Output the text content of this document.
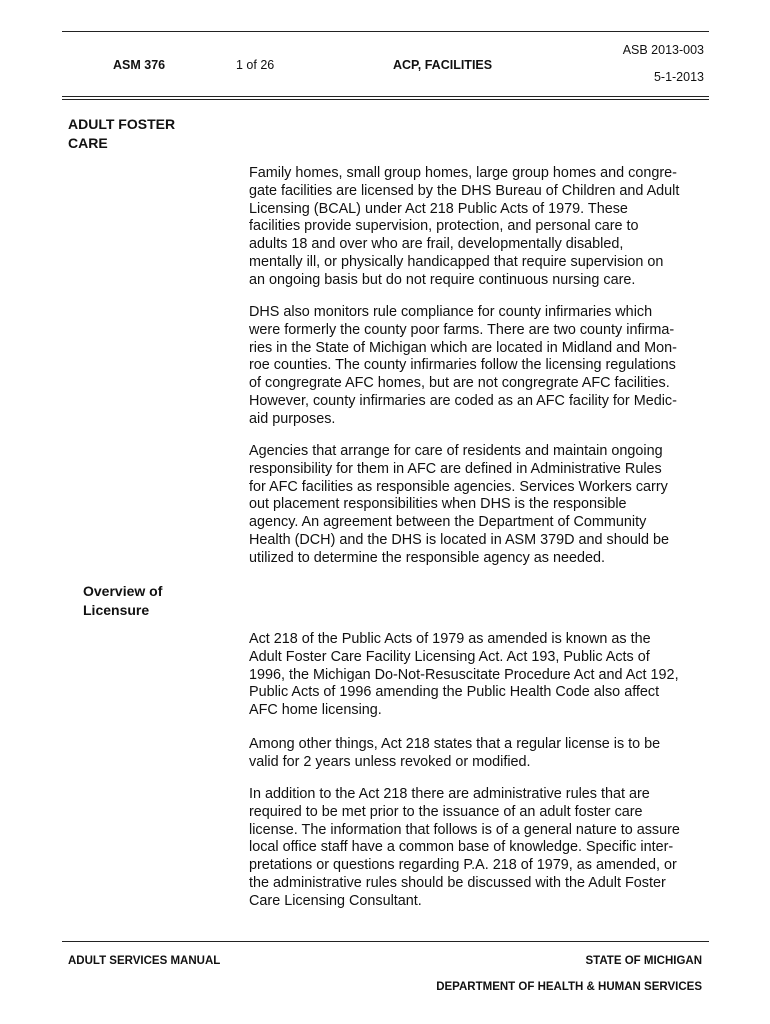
ASM 376	1 of 26	ACP, FACILITIES
ASB 2013-003
5-1-2013
ADULT FOSTER
CARE
Overview of
Licensure
Family homes, small group homes, large group homes and congre-
gate facilities are licensed by the DHS Bureau of Children and Adult
Licensing (BCAL) under Act 218 Public Acts of 1979. These
facilities provide supervision, protection, and personal care to
adults 18 and over who are frail, developmentally disabled,
mentally ill, or physically handicapped that require supervision on
an ongoing basis but do not require continuous nursing care.
DHS also monitors rule compliance for county infirmaries which
were formerly the county poor farms. There are two county infirma-
ries in the State of Michigan which are located in Midland and Mon-
roe counties. The county infirmaries follow the licensing regulations
of congregrate AFC homes, but are not congregrate AFC facilities.
However, county infirmaries are coded as an AFC facility for Medic-
aid purposes.
Agencies that arrange for care of residents and maintain ongoing
responsibility for them in AFC are defined in Administrative Rules
for AFC facilities as responsible agencies. Services Workers carry
out placement responsibilities when DHS is the responsible
agency. An agreement between the Department of Community
Health (DCH) and the DHS is located in ASM 379D and should be
utilized to determine the responsible agency as needed.
Act 218 of the Public Acts of 1979 as amended is known as the
Adult Foster Care Facility Licensing Act. Act 193, Public Acts of
1996, the Michigan Do-Not-Resuscitate Procedure Act and Act 192,
Public Acts of 1996 amending the Public Health Code also affect
AFC home licensing.
Among other things, Act 218 states that a regular license is to be
valid for 2 years unless revoked or modified.
In addition to the Act 218 there are administrative rules that are
required to be met prior to the issuance of an adult foster care
license. The information that follows is of a general nature to assure
local office staff have a common base of knowledge. Specific inter-
pretations or questions regarding P.A. 218 of 1979, as amended, or
the administrative rules should be discussed with the Adult Foster
Care Licensing Consultant.
ADULT SERVICES MANUAL	STATE OF MICHIGAN
DEPARTMENT OF HEALTH & HUMAN SERVICES
